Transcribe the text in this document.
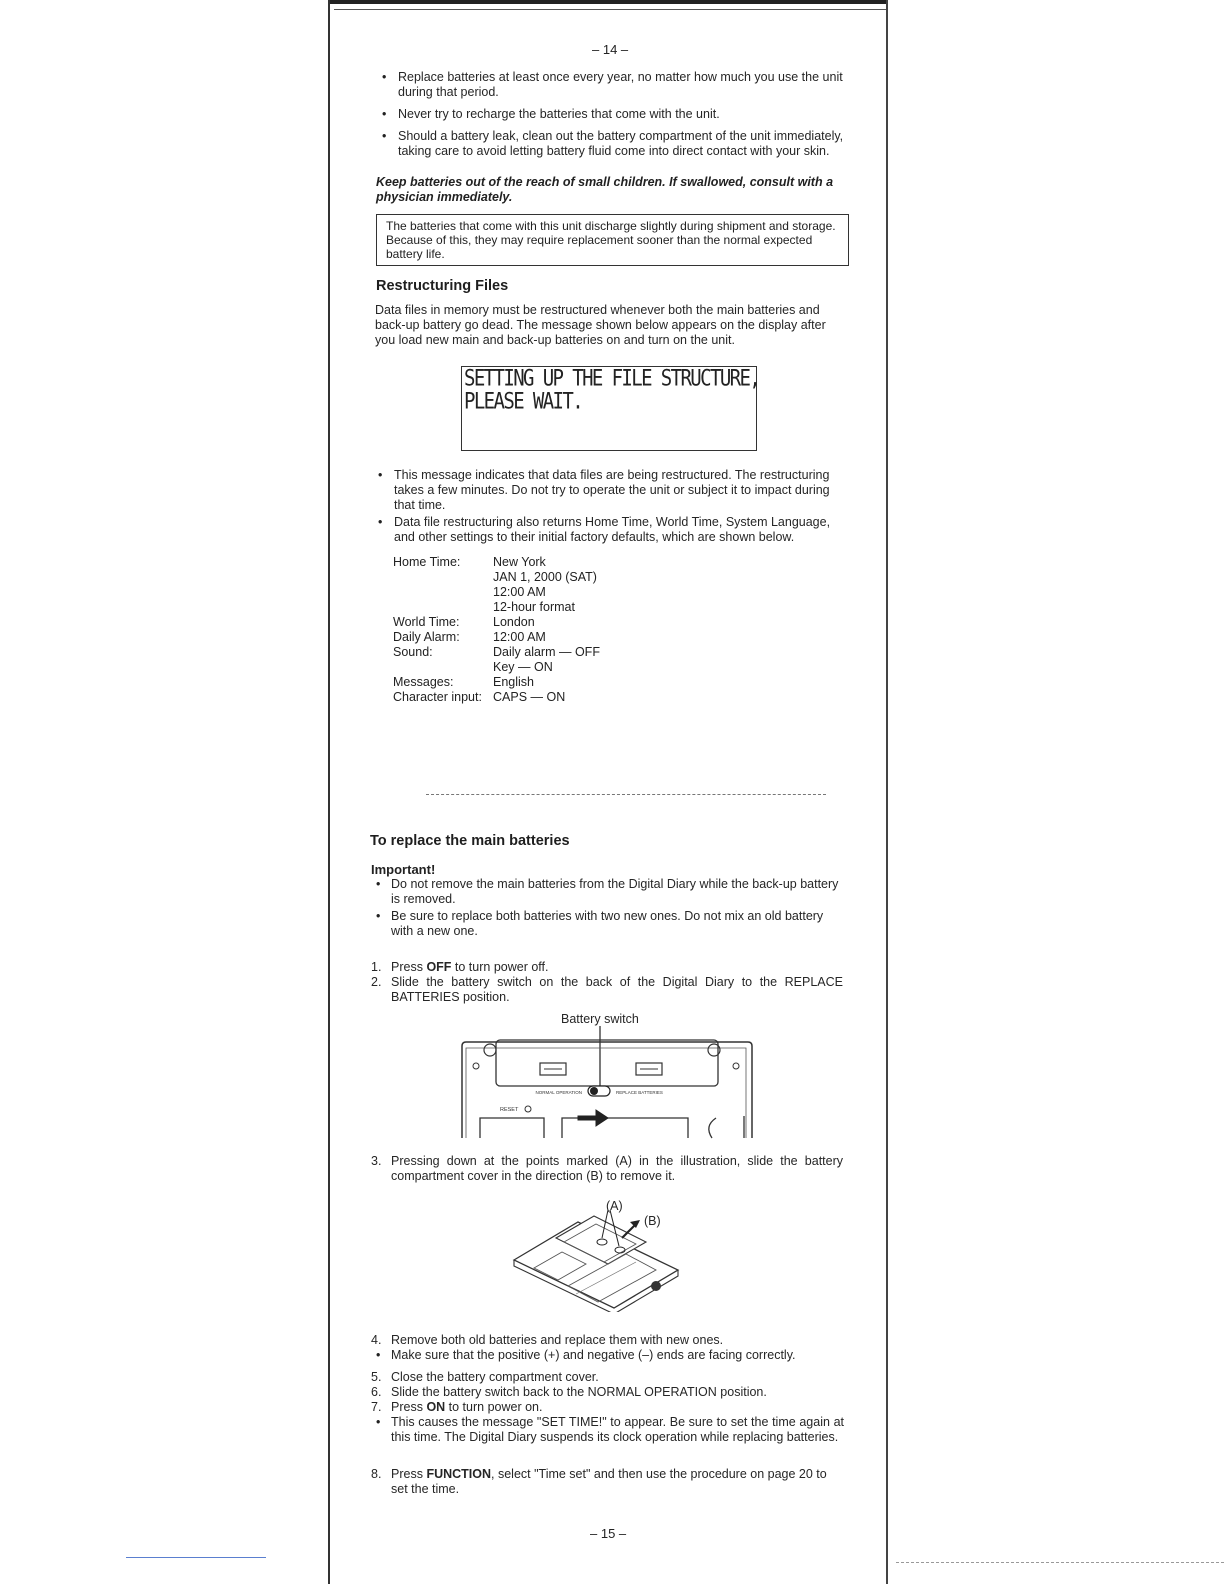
– 14 –
• Replace batteries at least once every year, no matter how much you use the unit during that period.
• Never try to recharge the batteries that come with the unit.
• Should a battery leak, clean out the battery compartment of the unit immediately, taking care to avoid letting battery fluid come into direct contact with your skin.
Keep batteries out of the reach of small children. If swallowed, consult with a physician immediately.
The batteries that come with this unit discharge slightly during shipment and storage. Because of this, they may require replacement sooner than the normal expected battery life.
Restructuring Files
Data files in memory must be restructured whenever both the main batteries and back-up battery go dead. The message shown below appears on the display after you load new main and back-up batteries on and turn on the unit.
SETTING UP THE FILE STRUCTURE,
PLEASE WAIT.
• This message indicates that data files are being restructured. The restructuring takes a few minutes. Do not try to operate the unit or subject it to impact during that time.
• Data file restructuring also returns Home Time, World Time, System Language, and other settings to their initial factory defaults, which are shown below.
Home Time:	New York
JAN 1, 2000 (SAT)
12:00 AM
12-hour format
World Time:	London
Daily Alarm:	12:00 AM
Sound:	Daily alarm — OFF
Key — ON
Messages:	English
Character input: CAPS — ON
To replace the main batteries
Important!
• Do not remove the main batteries from the Digital Diary while the back-up battery is removed.
• Be sure to replace both batteries with two new ones. Do not mix an old battery with a new one.
1. Press OFF to turn power off.
2. Slide the battery switch on the back of the Digital Diary to the REPLACE BATTERIES position.
Battery switch
NORMAL OPERATION	REPLACE BATTERIES
RESET
3. Pressing down at the points marked (A) in the illustration, slide the battery compartment cover in the direction (B) to remove it.
(A)
(B)
4. Remove both old batteries and replace them with new ones.
• Make sure that the positive (+) and negative (–) ends are facing correctly.
5. Close the battery compartment cover.
6. Slide the battery switch back to the NORMAL OPERATION position.
7. Press ON to turn power on.
• This causes the message "SET TIME!" to appear. Be sure to set the time again at this time. The Digital Diary suspends its clock operation while replacing batteries.
8. Press FUNCTION, select "Time set" and then use the procedure on page 20 to set the time.
– 15 –
